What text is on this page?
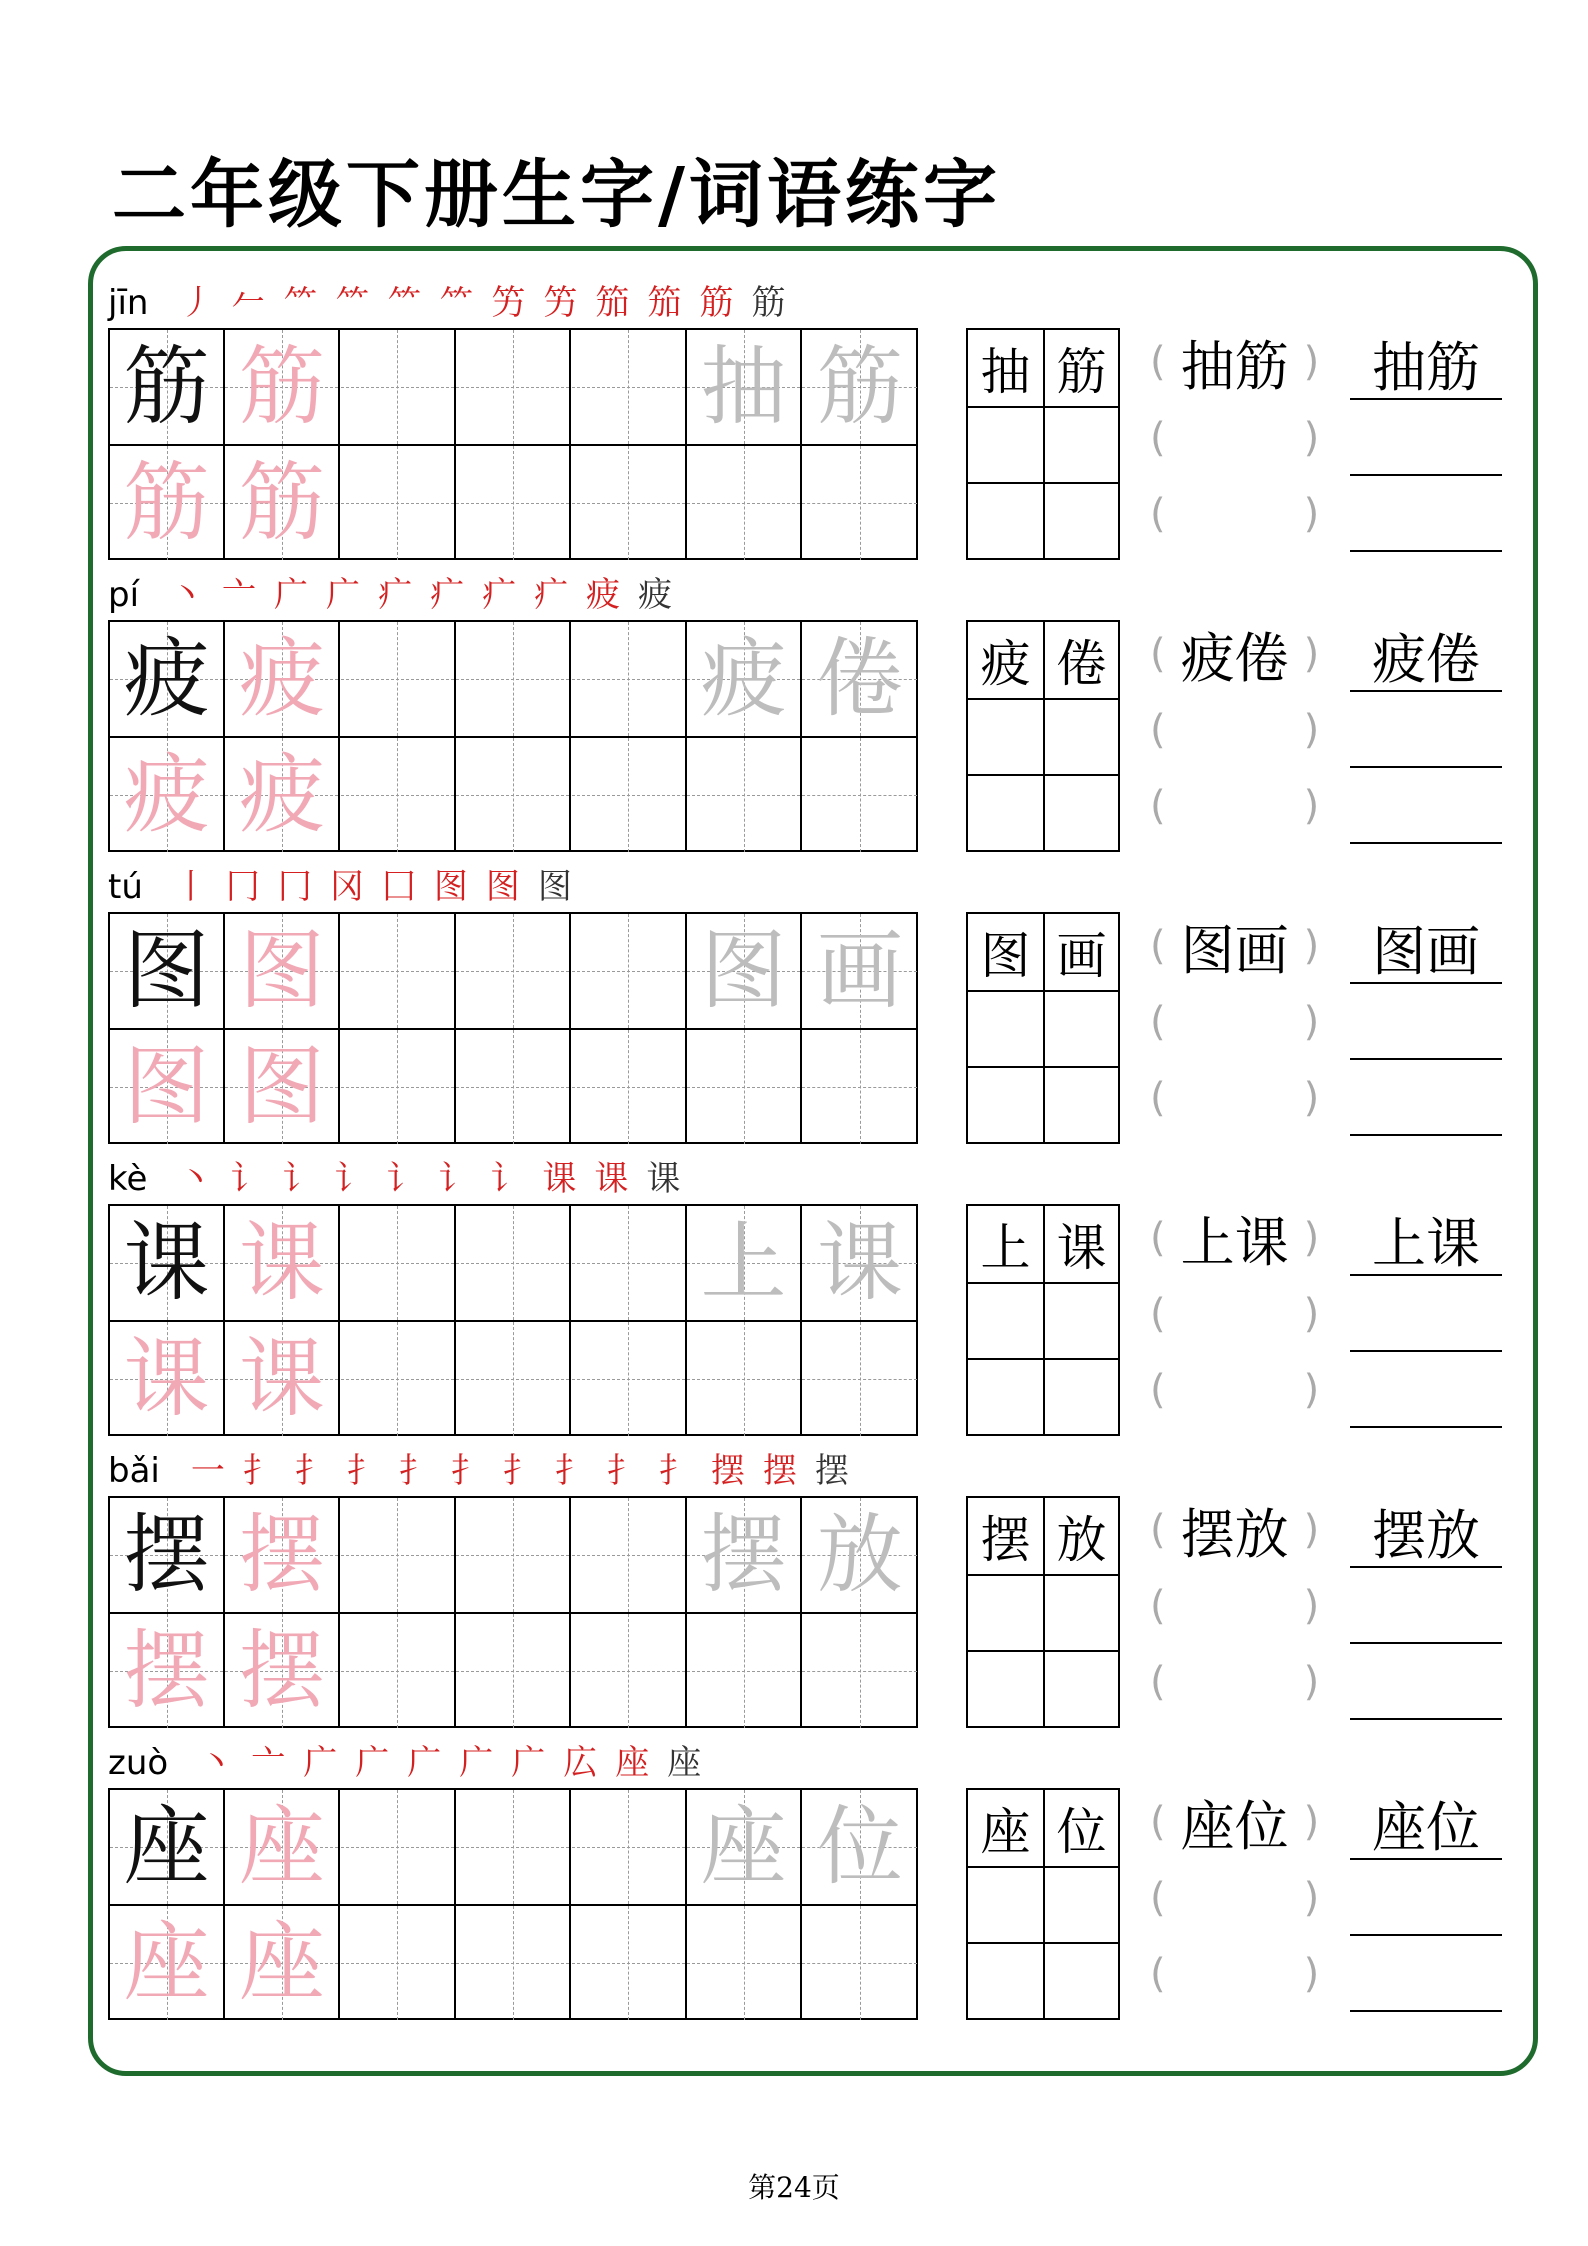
二年级下册生字/词语练字
jīn 丿 𠂉 ⺮ ⺮ ⺮ ⺮ 竻 竻 笳 笳 筋 筋
筋 筋	抽 筋
筋 筋
抽 筋	( 抽筋 )
(	)
(	)
抽筋
pí 丶 亠 广 广 疒 疒 疒 疒 疲 疲
疲 疲	疲 倦
疲 疲
疲 倦	( 疲倦 )
(	)
(	)
疲倦
tú 丨 冂 冂 冈 囗 图 图 图
图 图	图 画
图 图
图 画	( 图画 )
(	)
(	)
图画
kè 丶 讠 讠 讠 讠 讠 讠 课 课 课
课 课	上 课
课 课
上 课	( 上课 )
(	)
(	)
上课
bǎi 一 扌 扌 扌 扌 扌 扌 扌 扌 扌 摆 摆 摆
摆 摆	摆 放
摆 摆
摆 放	( 摆放 )
(	)
(	)
摆放
zuò 丶 亠 广 广 广 广 广 広 座 座
座 座	座 位
座 座
座 位	( 座位 )
(	)
(	)
座位
第24页
